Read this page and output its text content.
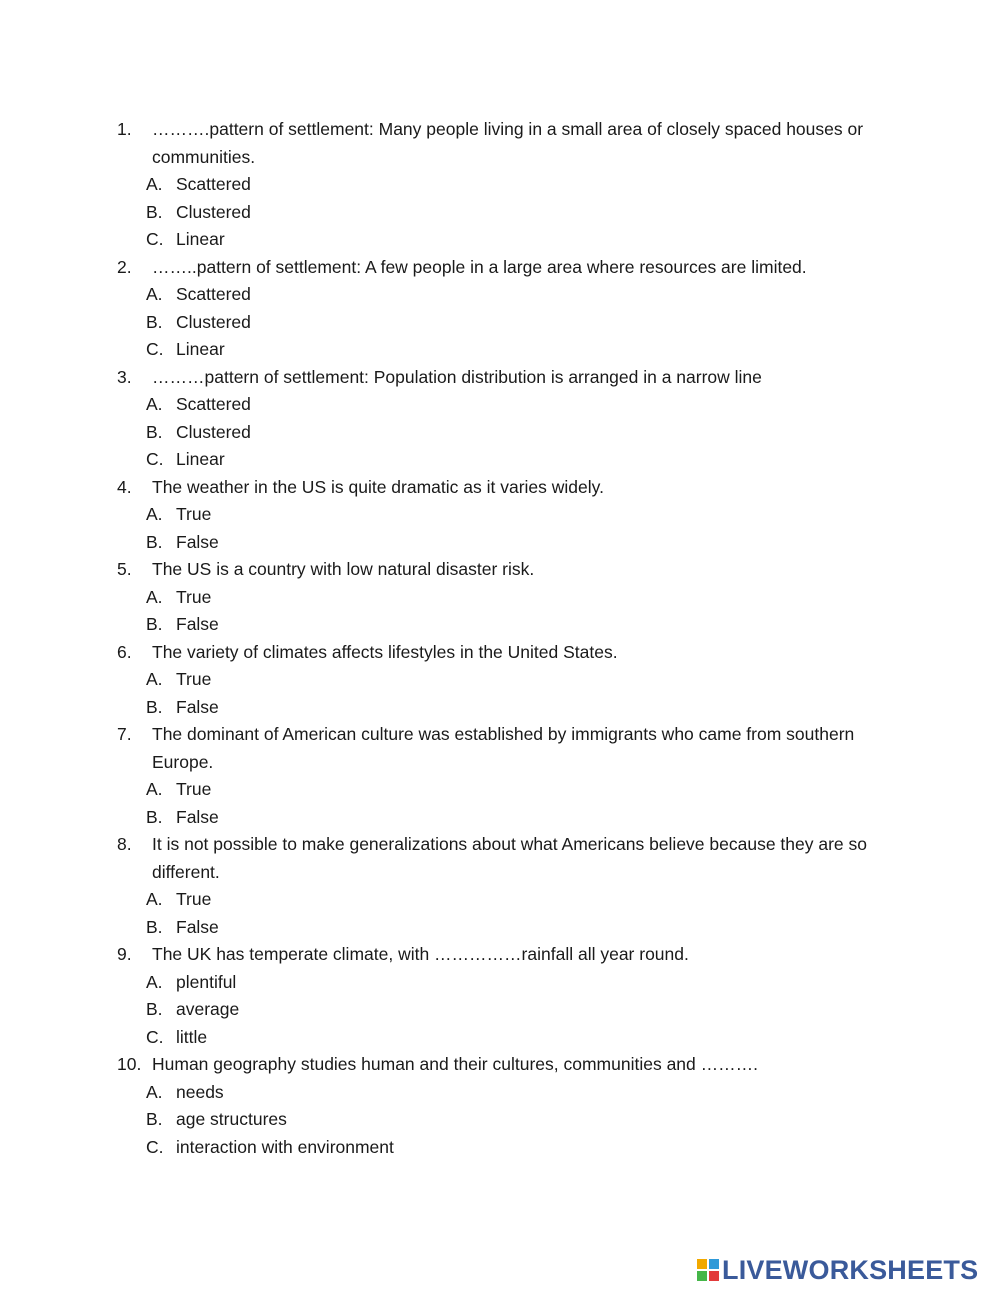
1.	……….pattern of settlement: Many people living in a small area of closely spaced houses or communities.
A. Scattered
B. Clustered
C. Linear
2.	……..pattern of settlement: A few people in a large area where resources are limited.
A. Scattered
B. Clustered
C. Linear
3.	………pattern of settlement: Population distribution is arranged in a narrow line
A. Scattered
B. Clustered
C. Linear
4.	The weather in the US is quite dramatic as it varies widely.
A. True
B. False
5.	The US is a country with low natural disaster risk.
A. True
B. False
6.	The variety of climates affects lifestyles in the United States.
A. True
B. False
7.	The dominant of American culture was established by immigrants who came from southern Europe.
A. True
B. False
8.	It is not possible to make generalizations about what Americans believe because they are so different.
A. True
B. False
9.	The UK has temperate climate, with ……………rainfall all year round.
A. plentiful
B. average
C. little
10. Human geography studies human and their cultures, communities and ……….
A. needs
B. age structures
C. interaction with environment
LIVEWORKSHEETS
